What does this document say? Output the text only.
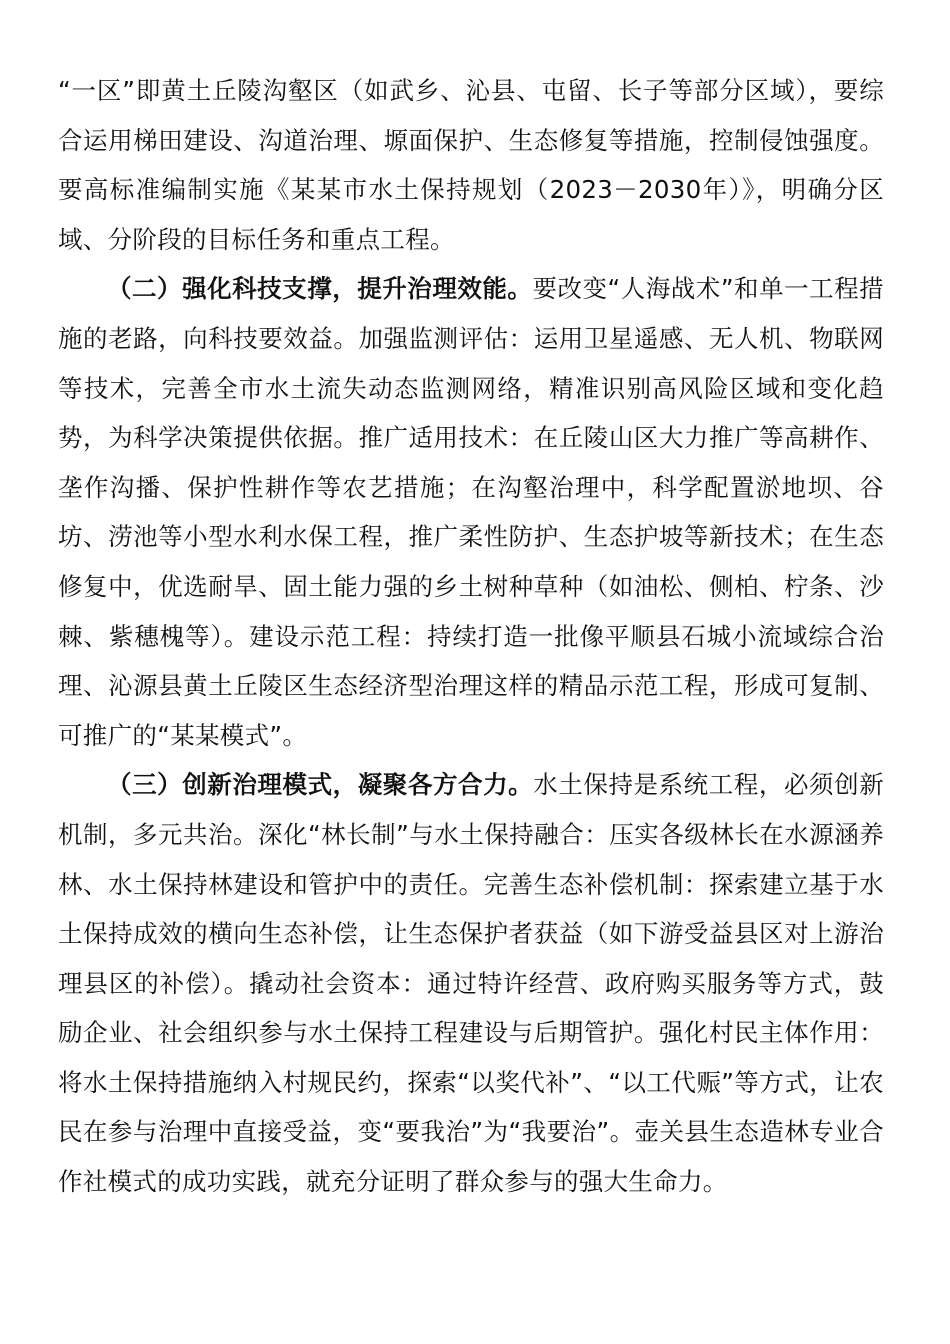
“一区”即黄土丘陵沟壑区（如武乡、沁县、屯留、长子等部分区域），要综合运用梯田建设、沟道治理、塬面保护、生态修复等措施，控制侵蚀强度。要高标准编制实施《某某市水土保持规划（2023－2030年）》，明确分区域、分阶段的目标任务和重点工程。

（二）强化科技支撑，提升治理效能。要改变“人海战术”和单一工程措施的老路，向科技要效益。加强监测评估：运用卫星遥感、无人机、物联网等技术，完善全市水土流失动态监测网络，精准识别高风险区域和变化趋势，为科学决策提供依据。推广适用技术：在丘陵山区大力推广等高耕作、垄作沟播、保护性耕作等农艺措施；在沟壑治理中，科学配置淤地坝、谷坊、涝池等小型水利水保工程，推广柔性防护、生态护坡等新技术；在生态修复中，优选耐旱、固土能力强的乡土树种草种（如油松、侧柏、柠条、沙棘、紫穗槐等）。建设示范工程：持续打造一批像平顺县石城小流域综合治理、沁源县黄土丘陵区生态经济型治理这样的精品示范工程，形成可复制、可推广的“某某模式”。

（三）创新治理模式，凝聚各方合力。水土保持是系统工程，必须创新机制，多元共治。深化“林长制”与水土保持融合：压实各级林长在水源涵养林、水土保持林建设和管护中的责任。完善生态补偿机制：探索建立基于水土保持成效的横向生态补偿，让生态保护者获益（如下游受益县区对上游治理县区的补偿）。撬动社会资本：通过特许经营、政府购买服务等方式，鼓励企业、社会组织参与水土保持工程建设与后期管护。强化村民主体作用：将水土保持措施纳入村规民约，探索“以奖代补”、“以工代赈”等方式，让农民在参与治理中直接受益，变“要我治”为“我要治”。壶关县生态造林专业合作社模式的成功实践，就充分证明了群众参与的强大生命力。
